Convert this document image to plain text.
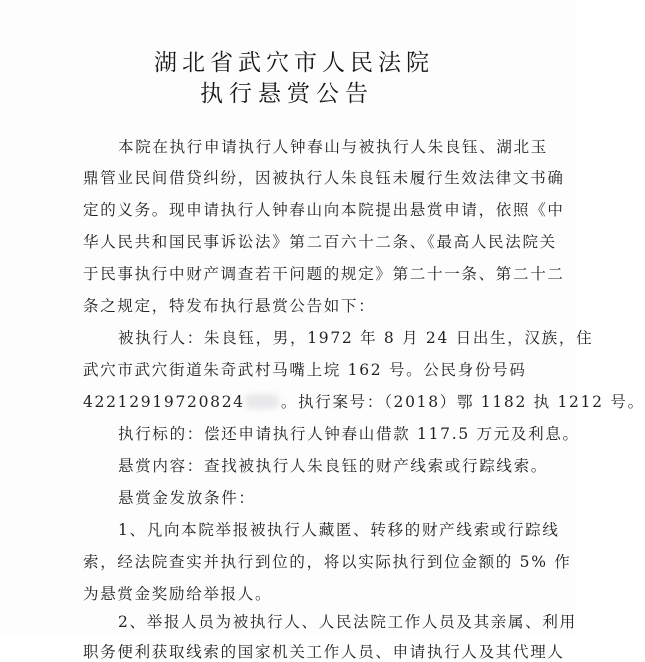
湖北省武穴市人民法院
执行悬赏公告
本院在执行申请执行人钟春山与被执行人朱良钰、湖北玉
鼎管业民间借贷纠纷，因被执行人朱良钰未履行生效法律文书确
定的义务。现申请执行人钟春山向本院提出悬赏申请，依照《中
华人民共和国民事诉讼法》第二百六十二条、《最高人民法院关
于民事执行中财产调查若干问题的规定》第二十一条、第二十二
条之规定，特发布执行悬赏公告如下：
被执行人：朱良钰，男，1972 年 8 月 24 日出生，汉族，住
武穴市武穴街道朱奇武村马嘴上垸 162 号。公民身份号码
42212919720824 。执行案号：（2018）鄂 1182 执 1212 号。
执行标的：偿还申请执行人钟春山借款 117.5 万元及利息。
悬赏内容：查找被执行人朱良钰的财产线索或行踪线索。
悬赏金发放条件：
1、凡向本院举报被执行人藏匿、转移的财产线索或行踪线
索，经法院查实并执行到位的，将以实际执行到位金额的 5% 作
为悬赏金奖励给举报人。
2、举报人员为被执行人、人民法院工作人员及其亲属、利用
职务便利获取线索的国家机关工作人员、申请执行人及其代理人
